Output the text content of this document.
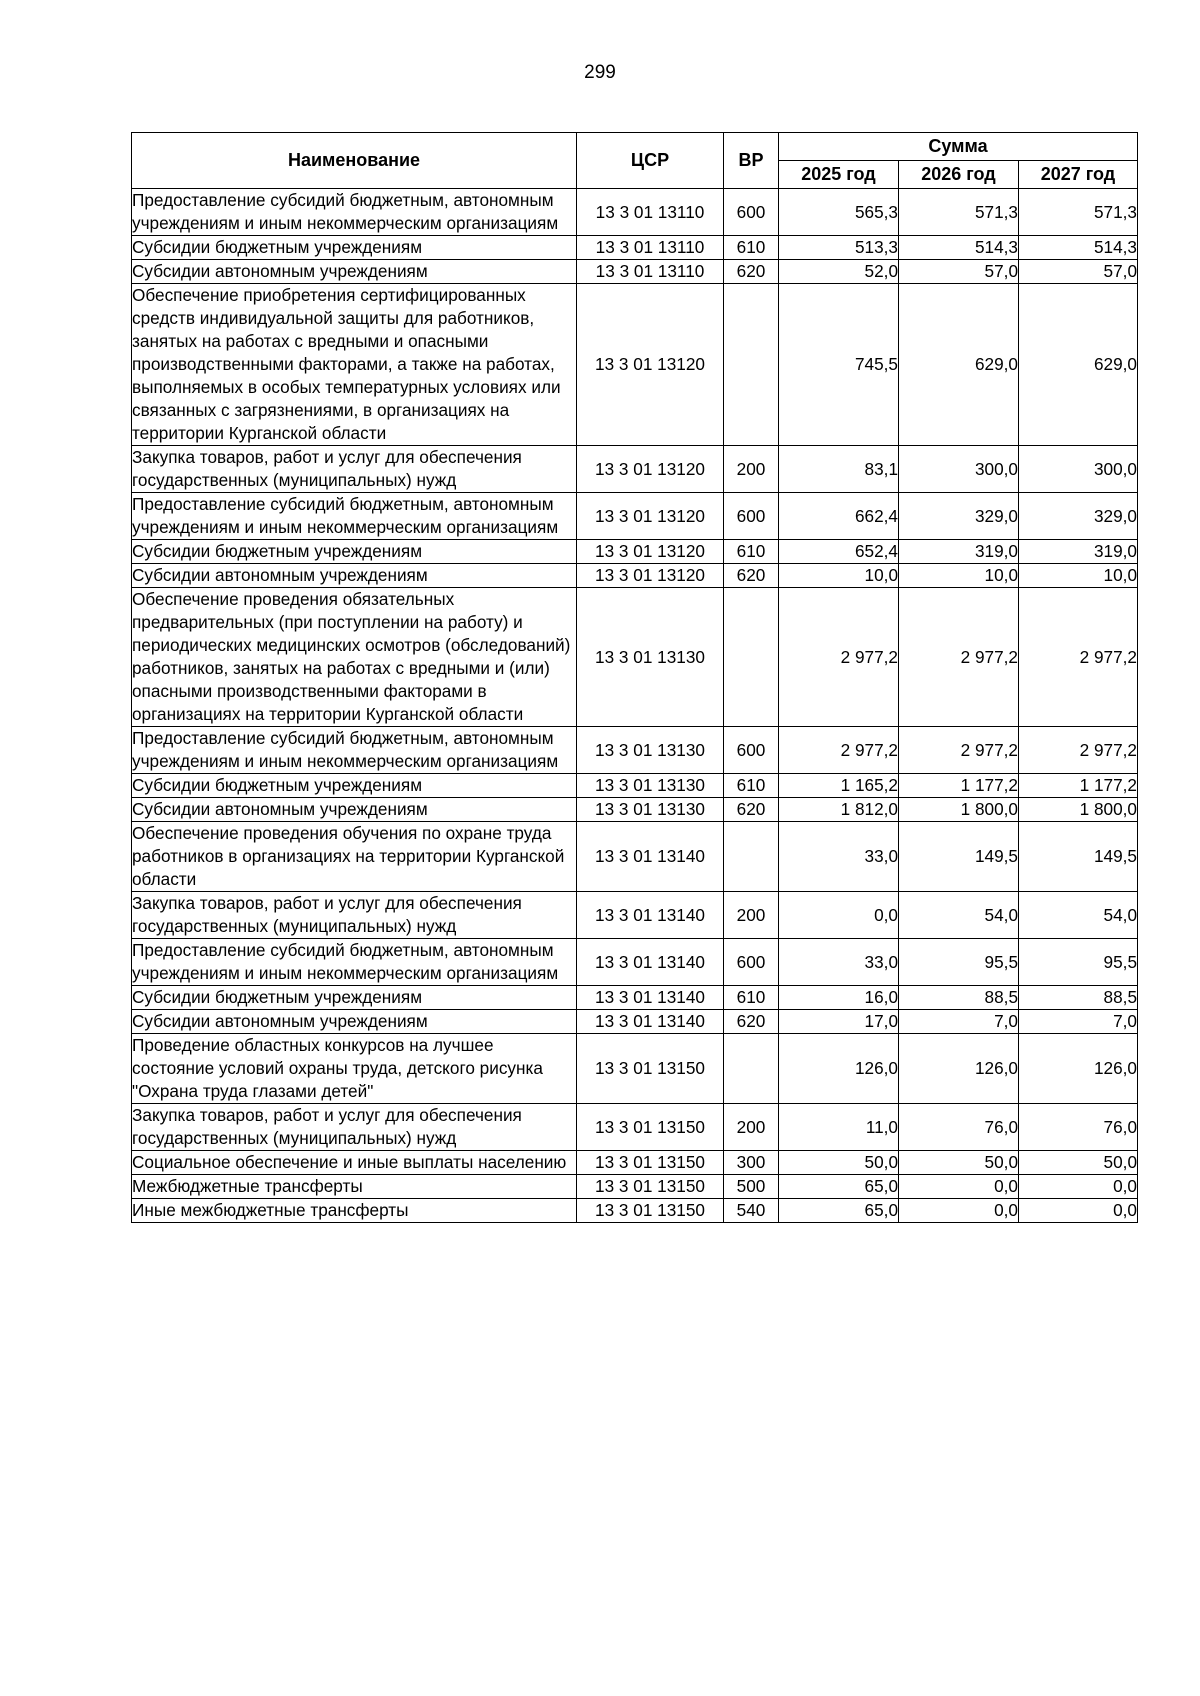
299
Наименование	ЦСР	ВР	Сумма		
			2025 год	2026 год	2027 год
Предоставление субсидий бюджетным, автономным учреждениям и иным некоммерческим организациям	13 3 01 13110	600	565,3	571,3	571,3
Субсидии бюджетным учреждениям	13 3 01 13110	610	513,3	514,3	514,3
Субсидии автономным учреждениям	13 3 01 13110	620	52,0	57,0	57,0
Обеспечение приобретения сертифицированных средств индивидуальной защиты для работников, занятых на работах с вредными и опасными производственными факторами, а также на работах, выполняемых в особых температурных условиях или связанных с загрязнениями, в организациях на территории Курганской области	13 3 01 13120		745,5	629,0	629,0
Закупка товаров, работ и услуг для обеспечения государственных (муниципальных) нужд	13 3 01 13120	200	83,1	300,0	300,0
Предоставление субсидий бюджетным, автономным учреждениям и иным некоммерческим организациям	13 3 01 13120	600	662,4	329,0	329,0
Субсидии бюджетным учреждениям	13 3 01 13120	610	652,4	319,0	319,0
Субсидии автономным учреждениям	13 3 01 13120	620	10,0	10,0	10,0
Обеспечение проведения обязательных предварительных (при поступлении на работу) и периодических медицинских осмотров (обследований) работников, занятых на работах с вредными и (или) опасными производственными факторами в организациях на территории Курганской области	13 3 01 13130		2 977,2	2 977,2	2 977,2
Предоставление субсидий бюджетным, автономным учреждениям и иным некоммерческим организациям	13 3 01 13130	600	2 977,2	2 977,2	2 977,2
Субсидии бюджетным учреждениям	13 3 01 13130	610	1 165,2	1 177,2	1 177,2
Субсидии автономным учреждениям	13 3 01 13130	620	1 812,0	1 800,0	1 800,0
Обеспечение проведения обучения по охране труда работников в организациях на территории Курганской области	13 3 01 13140		33,0	149,5	149,5
Закупка товаров, работ и услуг для обеспечения государственных (муниципальных) нужд	13 3 01 13140	200	0,0	54,0	54,0
Предоставление субсидий бюджетным, автономным учреждениям и иным некоммерческим организациям	13 3 01 13140	600	33,0	95,5	95,5
Субсидии бюджетным учреждениям	13 3 01 13140	610	16,0	88,5	88,5
Субсидии автономным учреждениям	13 3 01 13140	620	17,0	7,0	7,0
Проведение областных конкурсов на лучшее состояние условий охраны труда, детского рисунка "Охрана труда глазами детей"	13 3 01 13150		126,0	126,0	126,0
Закупка товаров, работ и услуг для обеспечения государственных (муниципальных) нужд	13 3 01 13150	200	11,0	76,0	76,0
Социальное обеспечение и иные выплаты населению	13 3 01 13150	300	50,0	50,0	50,0
Межбюджетные трансферты	13 3 01 13150	500	65,0	0,0	0,0
Иные межбюджетные трансферты	13 3 01 13150	540	65,0	0,0	0,0
